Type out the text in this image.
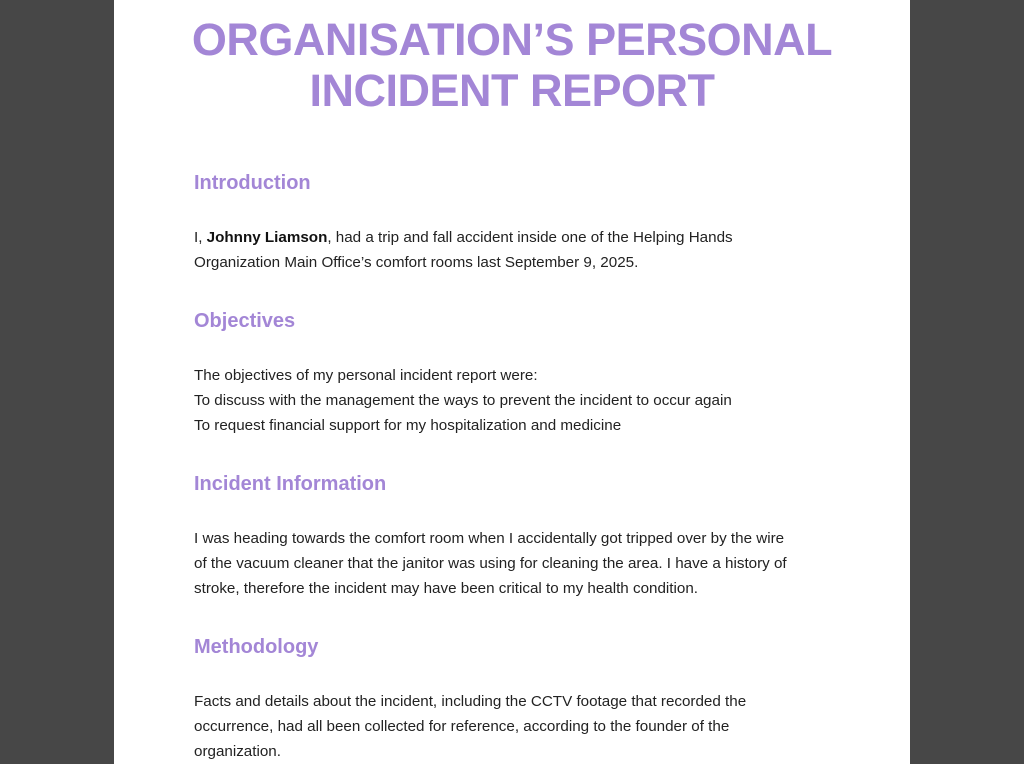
ORGANISATION’S PERSONAL
INCIDENT REPORT
Introduction

I, Johnny Liamson, had a trip and fall accident inside one of the Helping Hands
Organization Main Office’s comfort rooms last September 9, 2025.

Objectives

The objectives of my personal incident report were:
To discuss with the management the ways to prevent the incident to occur again
To request financial support for my hospitalization and medicine

Incident Information

I was heading towards the comfort room when I accidentally got tripped over by the wire
of the vacuum cleaner that the janitor was using for cleaning the area. I have a history of
stroke, therefore the incident may have been critical to my health condition.

Methodology

Facts and details about the incident, including the CCTV footage that recorded the
occurrence, had all been collected for reference, according to the founder of the
organization.
